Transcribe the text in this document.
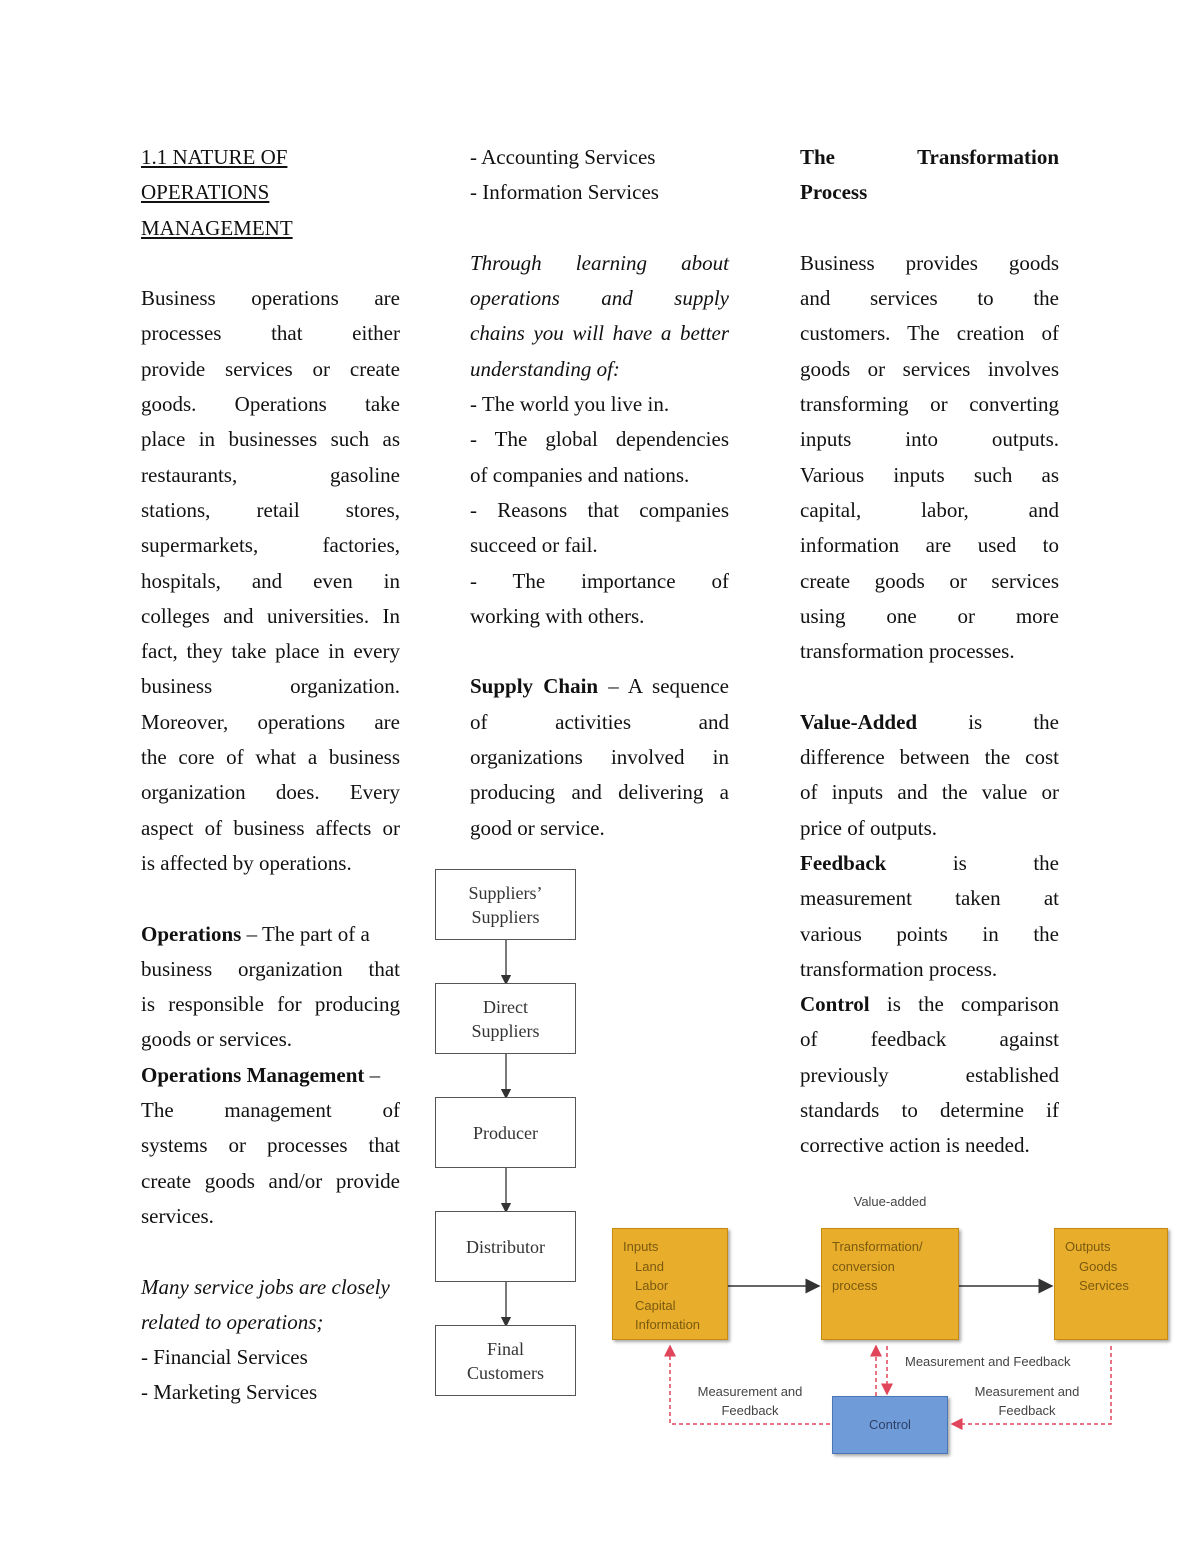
1.1 NATURE OF
OPERATIONS
MANAGEMENT
Business operations are
processes that either
provide services or create
goods. Operations take
place in businesses such as
restaurants, gasoline
stations, retail stores,
supermarkets, factories,
hospitals, and even in
colleges and universities. In
fact, they take place in every
business organization.
Moreover, operations are
the core of what a business
organization does. Every
aspect of business affects or
is affected by operations.
Operations – The part of a
business organization that
is responsible for producing
goods or services.
Operations Management –
The management of
systems or processes that
create goods and/or provide
services.
Many service jobs are closely
related to operations;
- Financial Services
- Marketing Services
- Accounting Services
- Information Services
Through learning about
operations and supply
chains you will have a better
understanding of:
- The world you live in.
- The global dependencies
of companies and nations.
- Reasons that companies
succeed or fail.
- The importance of
working with others.
Supply Chain – A sequence
of activities and
organizations involved in
producing and delivering a
good or service.
The	Transformation
Process
Business provides goods
and services to the
customers. The creation of
goods or services involves
transforming or converting
inputs into outputs.
Various inputs such as
capital, labor, and
information are used to
create goods or services
using one or more
transformation processes.
Value-Added is the
difference between the cost
of inputs and the value or
price of outputs.
Feedback is the
measurement taken at
various points in the
transformation process.
Control is the comparison
of feedback against
previously established
standards to determine if
corrective action is needed.
Suppliers’
Suppliers
Direct
Suppliers
Producer
Distributor
Final
Customers
Value-added
Inputs
Land
Labor
Capital
Information
Transformation/
conversion
process
Outputs
Goods
Services
Control
Measurement and Feedback
Measurement and
Feedback
Measurement and
Feedback
